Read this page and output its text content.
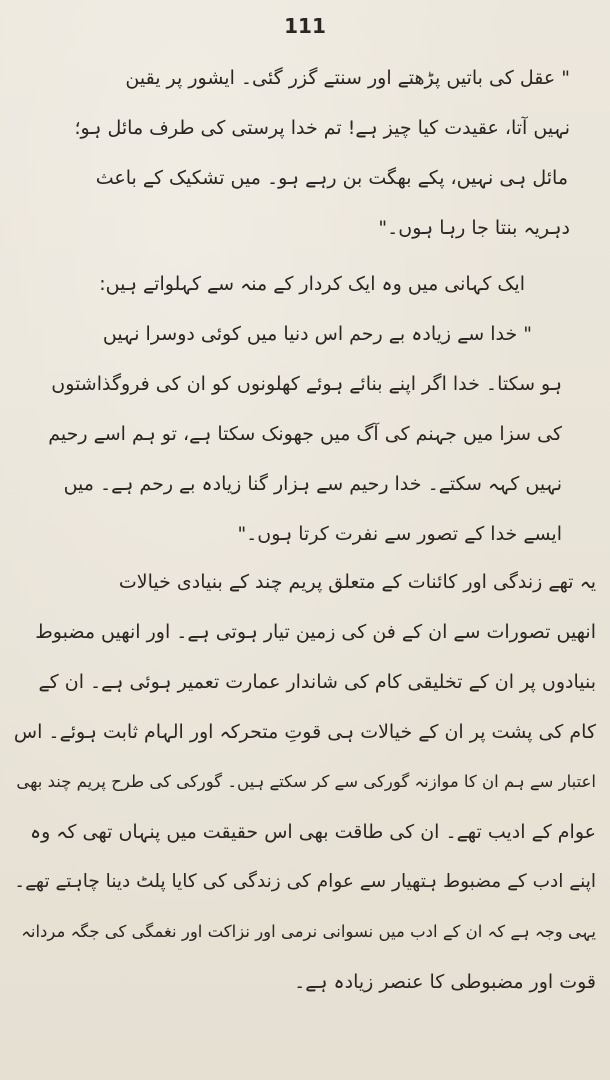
111
" عقل کی باتیں پڑھتے اور سنتے گزر گئی۔ ایشور پر یقین
نہیں آتا، عقیدت کیا چیز ہے! تم خدا پرستی کی طرف مائل ہو؛
مائل ہی نہیں، پکے بھگت بن رہے ہو۔ میں تشکیک کے باعث
دہریہ بنتا جا رہا ہوں۔"
ایک کہانی میں وہ ایک کردار کے منہ سے کہلواتے ہیں:
" خدا سے زیادہ بے رحم اس دنیا میں کوئی دوسرا نہیں
ہو سکتا۔ خدا اگر اپنے بنائے ہوئے کھلونوں کو ان کی فروگذاشتوں
کی سزا میں جہنم کی آگ میں جھونک سکتا ہے، تو ہم اسے رحیم
نہیں کہہ سکتے۔ خدا رحیم سے ہزار گنا زیادہ بے رحم ہے۔ میں
ایسے خدا کے تصور سے نفرت کرتا ہوں۔"
یہ تھے زندگی اور کائنات کے متعلق پریم چند کے بنیادی خیالات
انھیں تصورات سے ان کے فن کی زمین تیار ہوتی ہے۔ اور انھیں مضبوط
بنیادوں پر ان کے تخلیقی کام کی شاندار عمارت تعمیر ہوئی ہے۔ ان کے
کام کی پشت پر ان کے خیالات ہی قوتِ متحرکہ اور الہام ثابت ہوئے۔ اس
اعتبار سے ہم ان کا موازنہ گورکی سے کر سکتے ہیں۔ گورکی کی طرح پریم چند بھی
عوام کے ادیب تھے۔ ان کی طاقت بھی اس حقیقت میں پنہاں تھی کہ وہ
اپنے ادب کے مضبوط ہتھیار سے عوام کی زندگی کی کایا پلٹ دینا چاہتے تھے۔
یہی وجہ ہے کہ ان کے ادب میں نسوانی نرمی اور نزاکت اور نغمگی کی جگہ مردانہ
قوت اور مضبوطی کا عنصر زیادہ ہے۔
